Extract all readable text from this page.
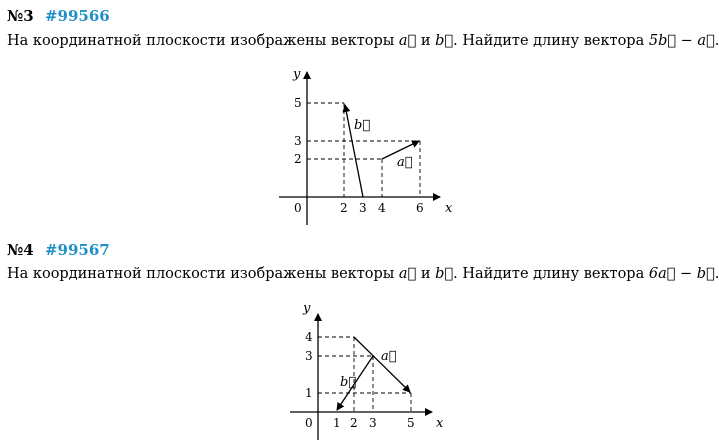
№3 #99566
На координатной плоскости изображены векторы a⃗ и b⃗. Найдите длину вектора 5b⃗ − a⃗.
y
x
0
5
3
2
2 3 4	6
b⃗
a⃗
№4 #99567
На координатной плоскости изображены векторы a⃗ и b⃗. Найдите длину вектора 6a⃗ − b⃗.
y
x
0
4
3
1
1 2 3	5
a⃗
b⃗
